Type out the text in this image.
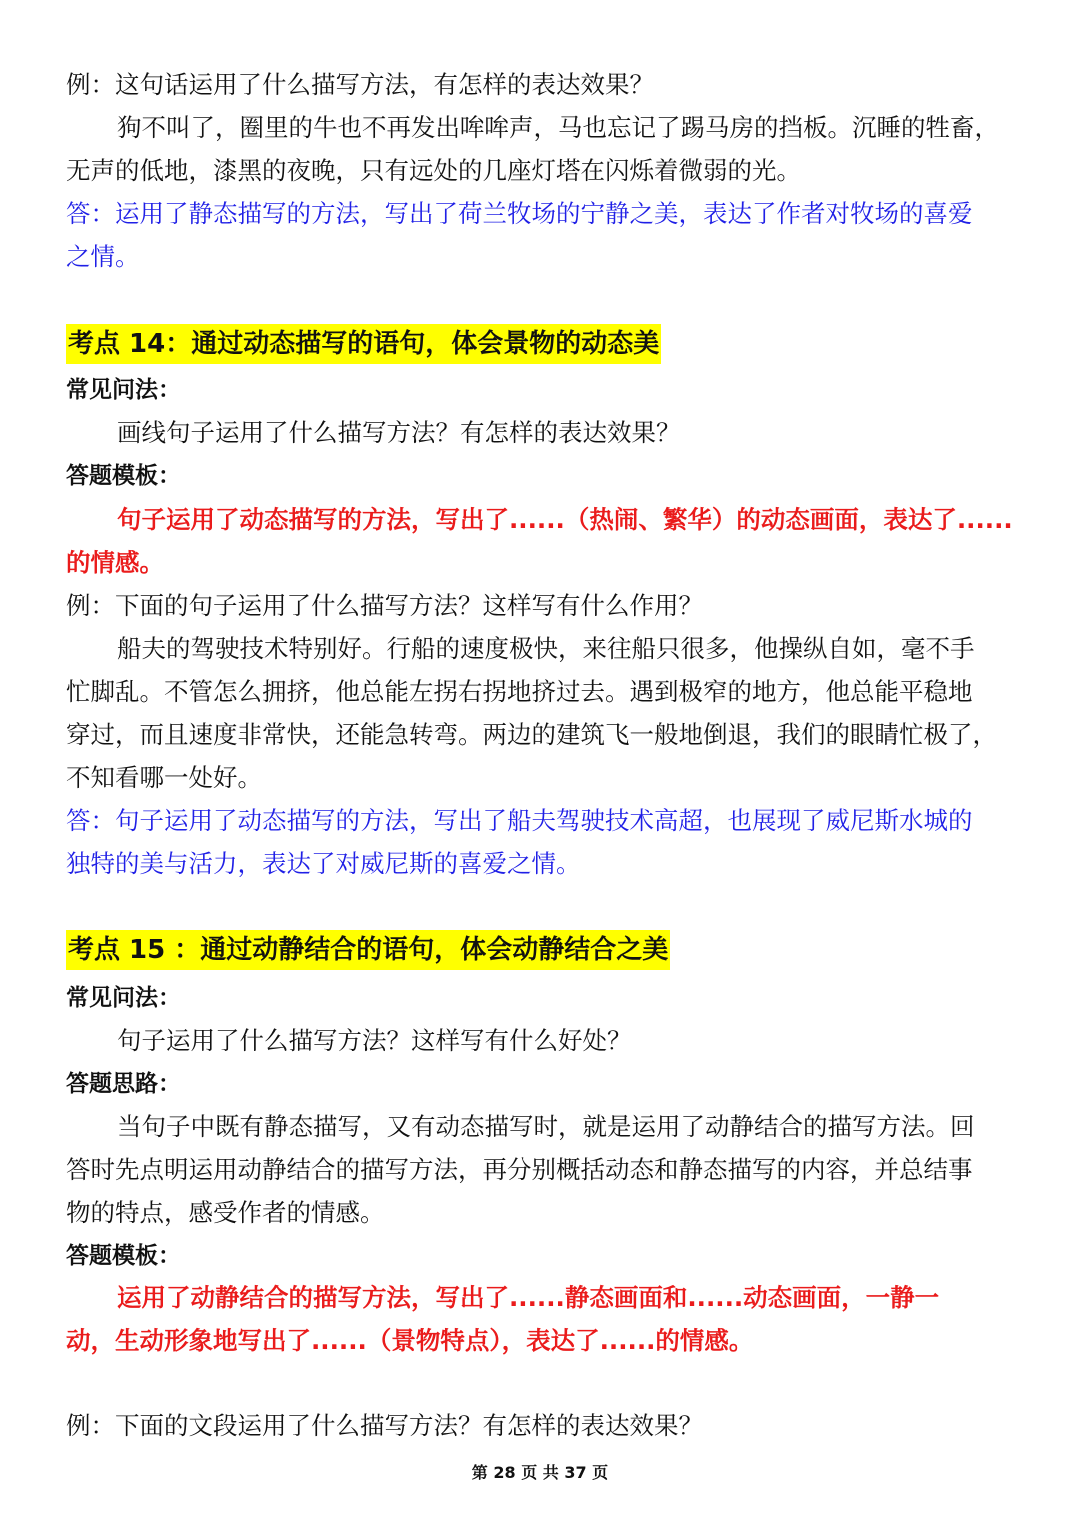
例：这句话运用了什么描写方法，有怎样的表达效果？
狗不叫了，圈里的牛也不再发出哞哞声，马也忘记了踢马房的挡板。沉睡的牲畜，
无声的低地，漆黑的夜晚，只有远处的几座灯塔在闪烁着微弱的光。
答：运用了静态描写的方法，写出了荷兰牧场的宁静之美，表达了作者对牧场的喜爱
之情。
考点 14：通过动态描写的语句，体会景物的动态美
常见问法：
画线句子运用了什么描写方法？有怎样的表达效果？
答题模板：
句子运用了动态描写的方法，写出了......（热闹、繁华）的动态画面，表达了......
的情感。
例：下面的句子运用了什么描写方法？这样写有什么作用？
船夫的驾驶技术特别好。行船的速度极快，来往船只很多，他操纵自如，毫不手
忙脚乱。不管怎么拥挤，他总能左拐右拐地挤过去。遇到极窄的地方，他总能平稳地
穿过，而且速度非常快，还能急转弯。两边的建筑飞一般地倒退，我们的眼睛忙极了，
不知看哪一处好。
答：句子运用了动态描写的方法，写出了船夫驾驶技术高超，也展现了威尼斯水城的
独特的美与活力，表达了对威尼斯的喜爱之情。
考点 15 ：通过动静结合的语句，体会动静结合之美
常见问法：
句子运用了什么描写方法？这样写有什么好处？
答题思路：
当句子中既有静态描写，又有动态描写时，就是运用了动静结合的描写方法。回
答时先点明运用动静结合的描写方法，再分别概括动态和静态描写的内容，并总结事
物的特点，感受作者的情感。
答题模板：
运用了动静结合的描写方法，写出了......静态画面和......动态画面，一静一
动，生动形象地写出了......（景物特点），表达了......的情感。
例：下面的文段运用了什么描写方法？有怎样的表达效果？
第 28 页 共 37 页
